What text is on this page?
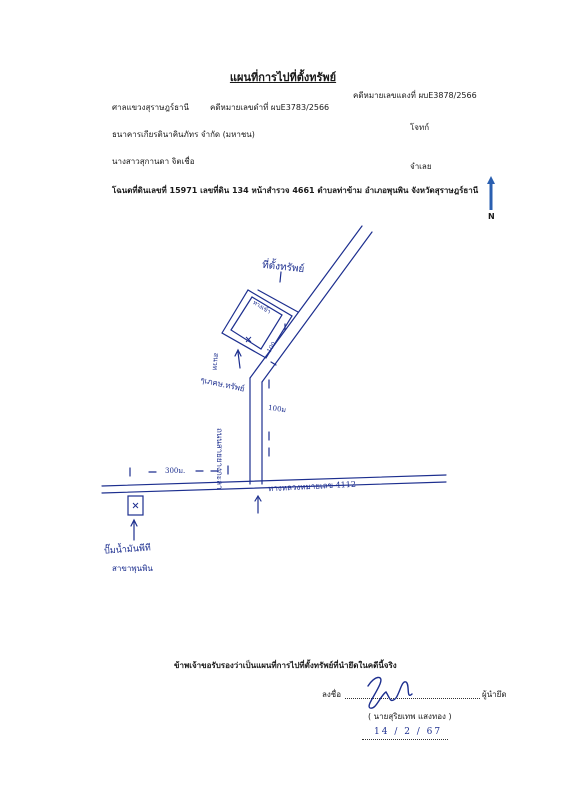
แผนที่การไปที่ตั้งทรัพย์
ศาลแขวงสุราษฎร์ธานี	คดีหมายเลขดำที่ ผบE3783/2566
คดีหมายเลขแดงที่ ผบE3878/2566
ธนาคารเกียรตินาคินภัทร จำกัด (มหาชน)
โจทก์
นางสาวสุกานดา จิตเชื่อ
จำเลย
โฉนดที่ดินเลขที่ 15971 เลขที่ดิน 134 หน้าสำรวจ 4661 ตำบลท่าข้าม อำเภอพุนพิน จังหวัดสุราษฎร์ธานี
N
ที่ตั้งทรัพย์
ทางเข้า
100
สนวท
ๆเภคษ.ทรัพย์
100ม
ถนนสายยางกะลา
300ม.
ทางหลวงหมายเลข 4112
ปั๊มน้ำมันพีที
สาขาพุนพิน
ข้าพเจ้าขอรับรองว่าเป็นแผนที่การไปที่ตั้งทรัพย์ที่นำยึดในคดีนี้จริง
ลงชื่อ	ผู้นำยึด
( นายสุริยเทพ แสงทอง )
14 / 2 / 67
